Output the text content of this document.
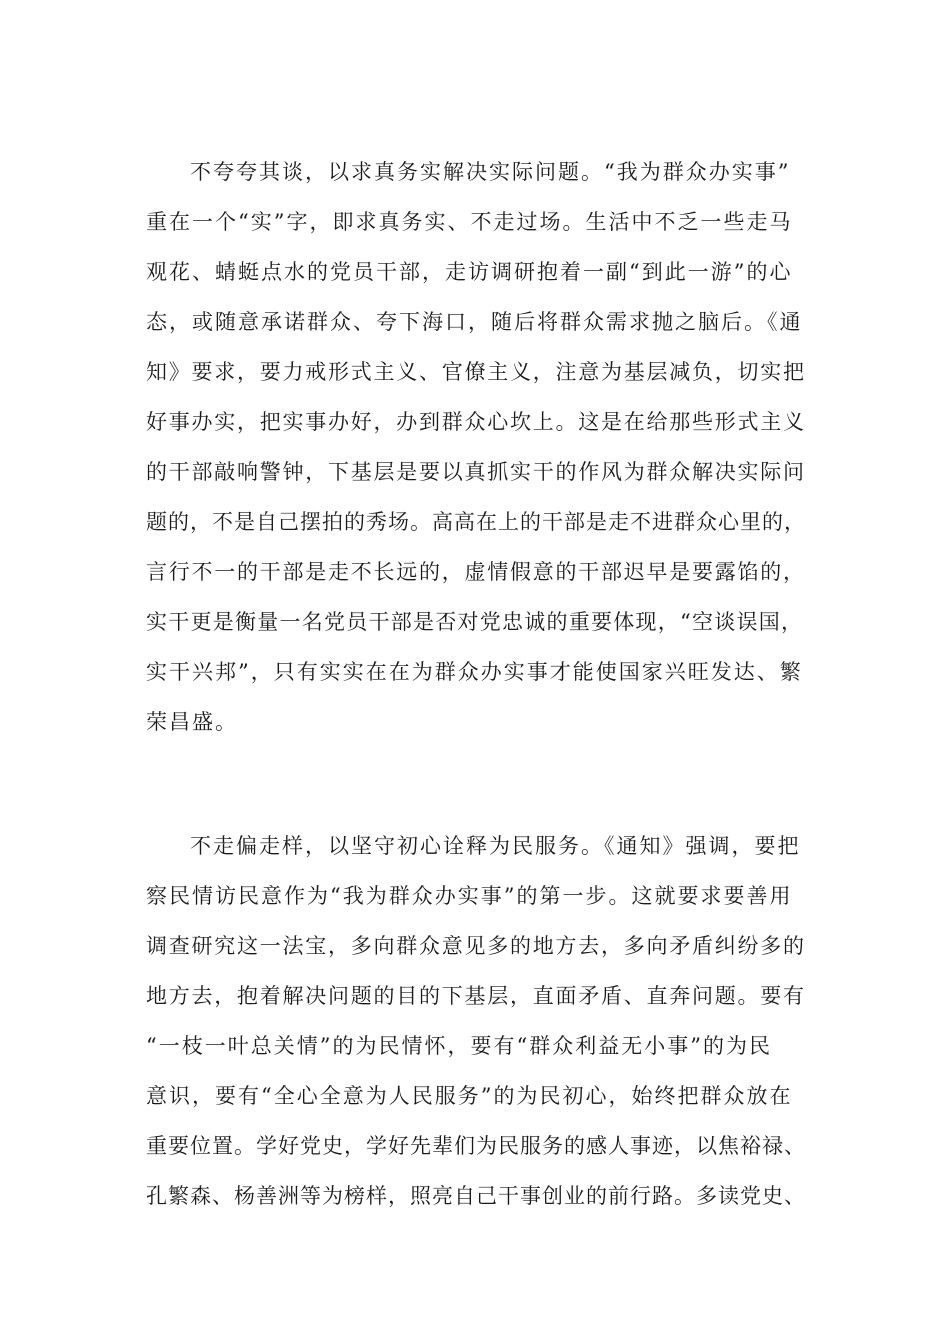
不夸夸其谈，以求真务实解决实际问题。“我为群众办实事”
重在一个“实”字，即求真务实、不走过场。生活中不乏一些走马
观花、蜻蜓点水的党员干部，走访调研抱着一副“到此一游”的心
态，或随意承诺群众、夸下海口，随后将群众需求抛之脑后。《通
知》要求，要力戒形式主义、官僚主义，注意为基层减负，切实把
好事办实，把实事办好，办到群众心坎上。这是在给那些形式主义
的干部敲响警钟，下基层是要以真抓实干的作风为群众解决实际问
题的，不是自己摆拍的秀场。高高在上的干部是走不进群众心里的，
言行不一的干部是走不长远的，虚情假意的干部迟早是要露馅的，
实干更是衡量一名党员干部是否对党忠诚的重要体现，“空谈误国，
实干兴邦”，只有实实在在为群众办实事才能使国家兴旺发达、繁
荣昌盛。
不走偏走样，以坚守初心诠释为民服务。《通知》强调，要把
察民情访民意作为“我为群众办实事”的第一步。这就要求要善用
调查研究这一法宝，多向群众意见多的地方去，多向矛盾纠纷多的
地方去，抱着解决问题的目的下基层，直面矛盾、直奔问题。要有
“一枝一叶总关情”的为民情怀，要有“群众利益无小事”的为民
意识，要有“全心全意为人民服务”的为民初心，始终把群众放在
重要位置。学好党史，学好先辈们为民服务的感人事迹，以焦裕禄、
孔繁森、杨善洲等为榜样，照亮自己干事创业的前行路。多读党史、
